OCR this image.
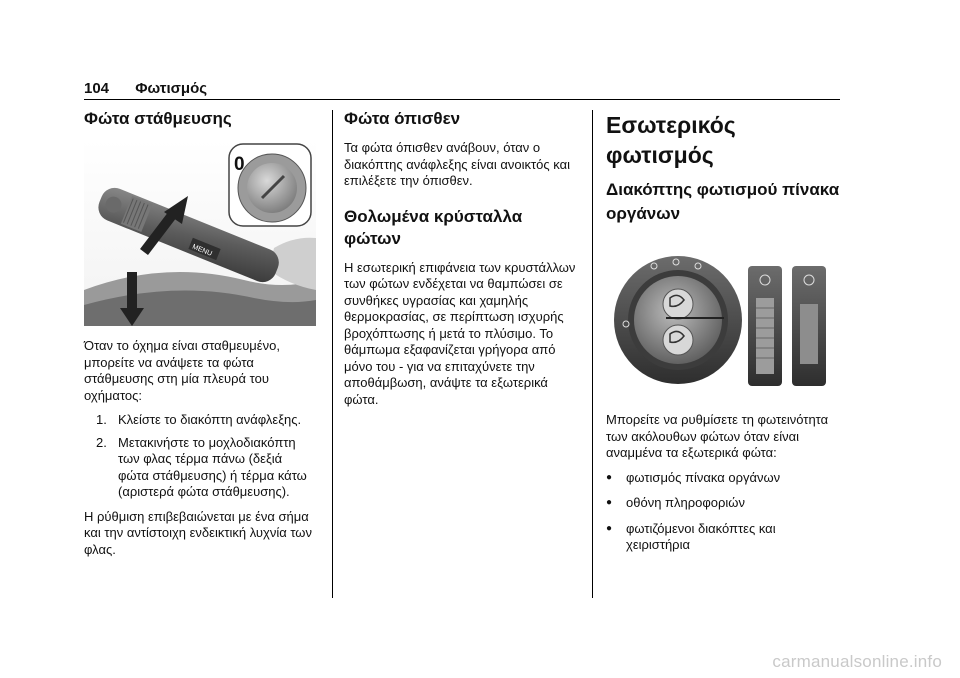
104 Φωτισμός
Φώτα στάθμευσης
MENU
0

Όταν το όχημα είναι σταθμευμένο, μπορείτε να ανάψετε τα φώτα στάθμευσης στη μία πλευρά του οχήματος:

1. Κλείστε το διακόπτη ανάφλεξης.
2. Μετακινήστε το μοχλοδιακόπτη των φλας τέρμα πάνω (δεξιά φώτα στάθμευσης) ή τέρμα κάτω (αριστερά φώτα στάθμευσης).

Η ρύθμιση επιβεβαιώνεται με ένα σήμα και την αντίστοιχη ενδεικτική λυχνία των φλας.

Φώτα όπισθεν

Τα φώτα όπισθεν ανάβουν, όταν ο διακόπτης ανάφλεξης είναι ανοικτός και επιλέξετε την όπισθεν.

Θολωμένα κρύσταλλα φώτων

Η εσωτερική επιφάνεια των κρυστάλλων των φώτων ενδέχεται να θαμπώσει σε συνθήκες υγρασίας και χαμηλής θερμοκρασίας, σε περίπτωση ισχυρής βροχόπτωσης ή μετά το πλύσιμο. Το θάμπωμα εξαφανίζεται γρήγορα από μόνο του - για να επιταχύνετε την αποθάμβωση, ανάψτε τα εξωτερικά φώτα.

Εσωτερικός φωτισμός
Διακόπτης φωτισμού πίνακα οργάνων

Μπορείτε να ρυθμίσετε τη φωτεινότητα των ακόλουθων φώτων όταν είναι αναμμένα τα εξωτερικά φώτα:

●	φωτισμός πίνακα οργάνων
●	οθόνη πληροφοριών
●	φωτιζόμενοι διακόπτες και χειριστήρια
carmanualsonline.info
